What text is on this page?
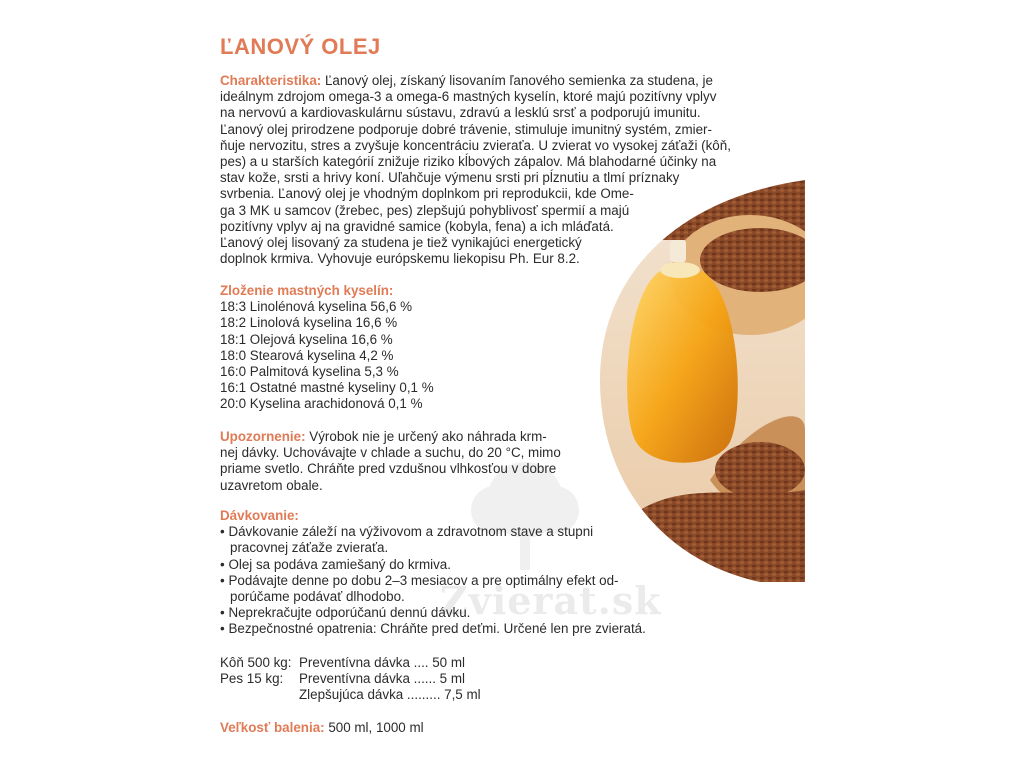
Zvierat.sk
ĽANOVÝ OLEJ
Charakteristika: Ľanový olej, získaný lisovaním ľanového semienka za studena, je
ideálnym zdrojom omega-3 a omega-6 mastných kyselín, ktoré majú pozitívny vplyv
na nervovú a kardiovaskulárnu sústavu, zdravú a lesklú srsť a podporujú imunitu.
Ľanový olej prirodzene podporuje dobré trávenie, stimuluje imunitný systém, zmier-
ňuje nervozitu, stres a zvyšuje koncentráciu zvieraťa. U zvierat vo vysokej záťaži (kôň,
pes) a u starších kategórií znižuje riziko kĺbových zápalov. Má blahodarné účinky na
stav kože, srsti a hrivy koní. Uľahčuje výmenu srsti pri pĺznutiu a tlmí príznaky
svrbenia. Ľanový olej je vhodným doplnkom pri reprodukcii, kde Ome-
ga 3 MK u samcov (žrebec, pes) zlepšujú pohyblivosť spermií a majú
pozitívny vplyv aj na gravidné samice (kobyla, fena) a ich mláďatá.
Ľanový olej lisovaný za studena je tiež vynikajúci energetický
doplnok krmiva. Vyhovuje európskemu liekopisu Ph. Eur 8.2.
Zloženie mastných kyselín:
18:3 Linolénová kyselina 56,6 %
18:2 Linolová kyselina 16,6 %
18:1 Olejová kyselina 16,6 %
18:0 Stearová kyselina 4,2 %
16:0 Palmitová kyselina 5,3 %
16:1 Ostatné mastné kyseliny 0,1 %
20:0 Kyselina arachidonová 0,1 %
Upozornenie: Výrobok nie je určený ako náhrada krm-
nej dávky. Uchovávajte v chlade a suchu, do 20 °C, mimo
priame svetlo. Chráňte pred vzdušnou vlhkosťou v dobre
uzavretom obale.
Dávkovanie:
• Dávkovanie záleží na výživovom a zdravotnom stave a stupni
pracovnej záťaže zvieraťa.
• Olej sa podáva zamiešaný do krmiva.
• Podávajte denne po dobu 2–3 mesiacov a pre optimálny efekt od-
porúčame podávať dlhodobo.
• Neprekračujte odporúčanú dennú dávku.
• Bezpečnostné opatrenia: Chráňte pred deťmi. Určené len pre zvieratá.
Kôň 500 kg:	Preventívna dávka .... 50 ml
Pes 15 kg:	Preventívna dávka ...... 5 ml
	Zlepšujúca dávka ......... 7,5 ml
Veľkosť balenia: 500 ml, 1000 ml
